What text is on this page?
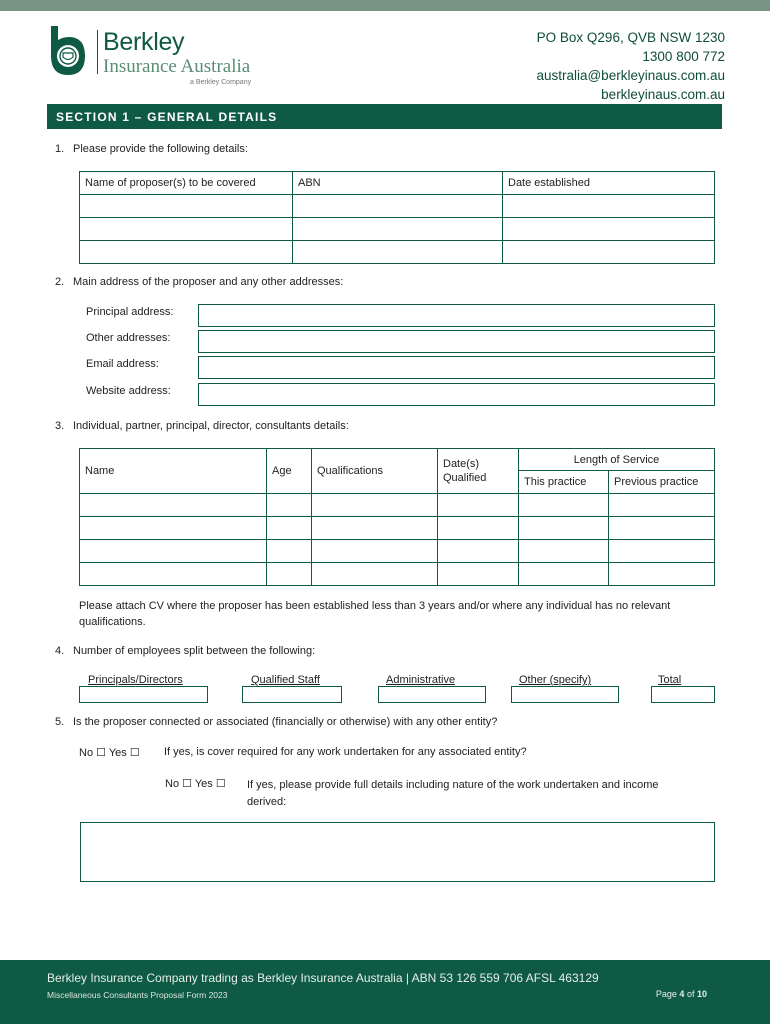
Berkley
Insurance Australia
a Berkley Company
PO Box Q296, QVB NSW 1230
1300 800 772
australia@berkleyinaus.com.au
berkleyinaus.com.au
SECTION 1 – GENERAL DETAILS
1. Please provide the following details:
Name of proposer(s) to be covered	ABN	Date established

2. Main address of the proposer and any other addresses:
Principal address:
Other addresses:
Email address:
Website address:
3. Individual, partner, principal, director, consultants details:
Name	Age	Qualifications	Date(s) Qualified	Length of Service	
				This practice	Previous practice

Please attach CV where the proposer has been established less than 3 years and/or where any individual has no relevant qualifications.
4. Number of employees split between the following:
Principals/Directors	Qualified Staff	Administrative	Other (specify)	Total
5. Is the proposer connected or associated (financially or otherwise) with any other entity?
No ☐ Yes ☐ If yes, is cover required for any work undertaken for any associated entity?
No ☐ Yes ☐ If yes, please provide full details including nature of the work undertaken and income derived:
Berkley Insurance Company trading as Berkley Insurance Australia | ABN 53 126 559 706 AFSL 463129
Miscellaneous Consultants Proposal Form 2023	Page 4 of 10
